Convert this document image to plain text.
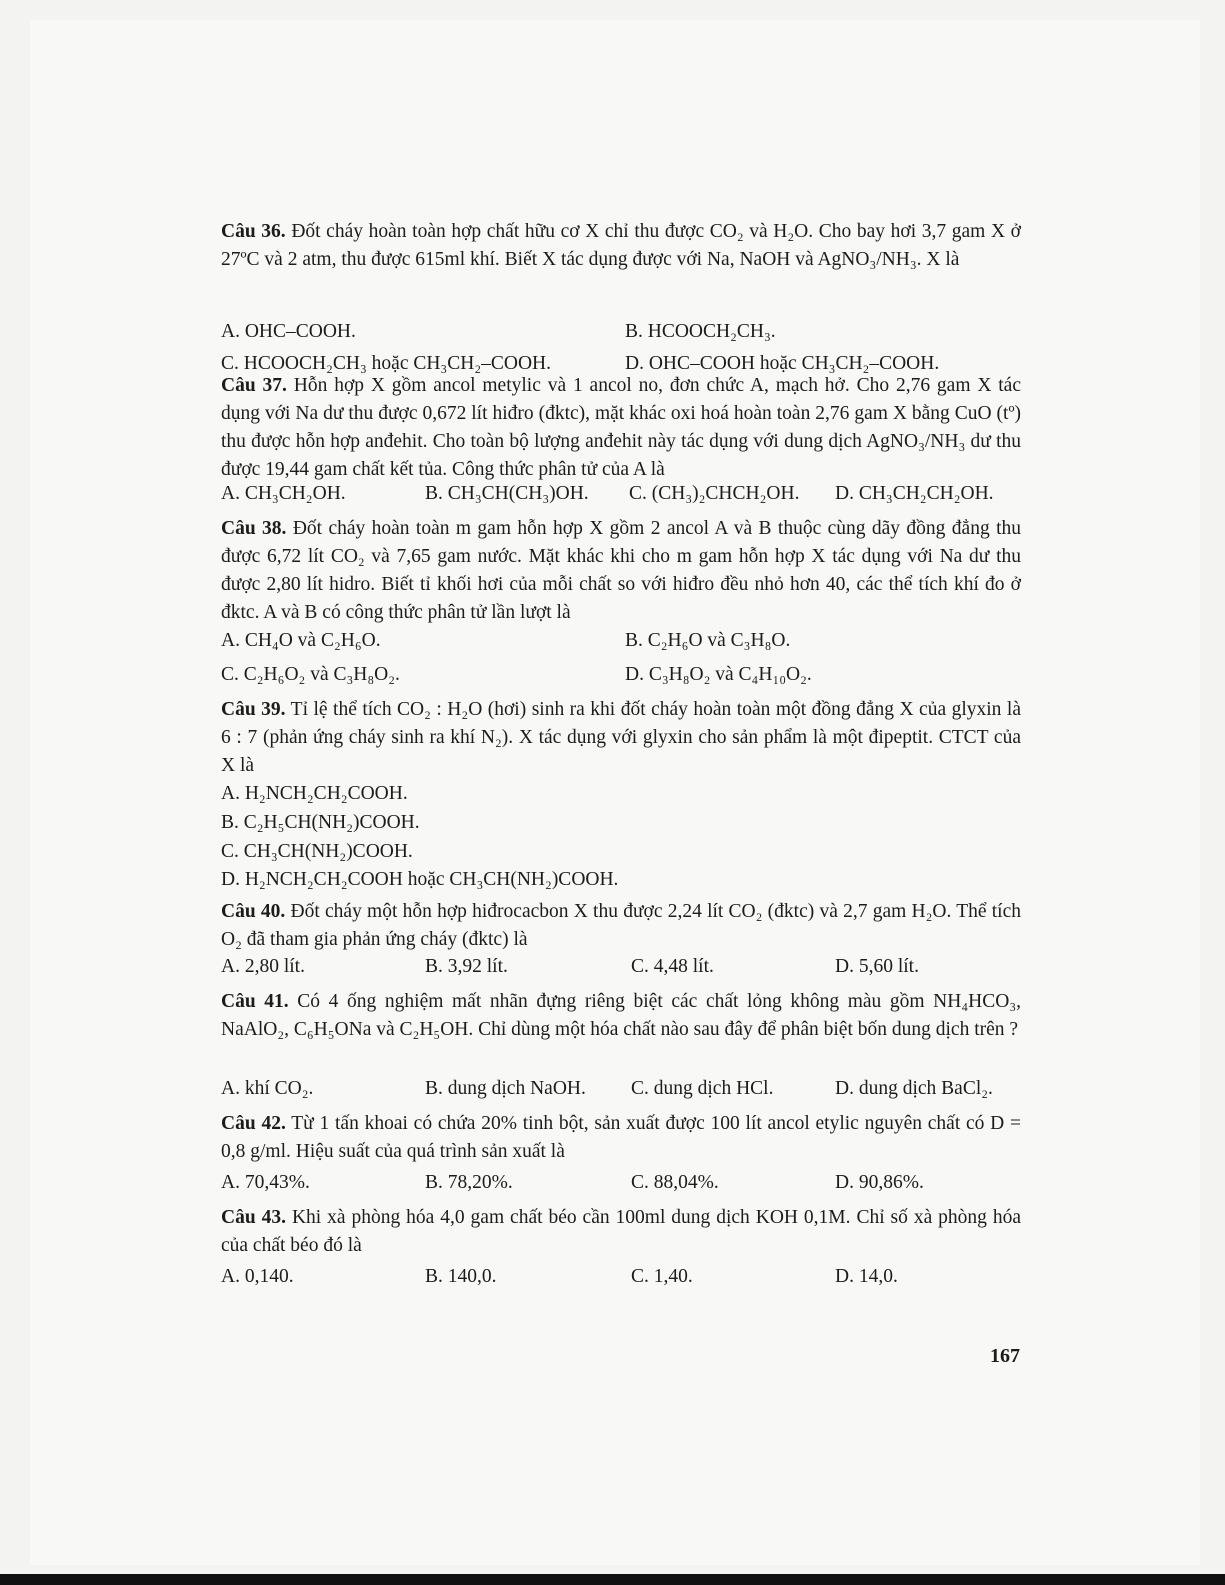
Câu 36. Đốt cháy hoàn toàn hợp chất hữu cơ X chỉ thu được CO₂ và H₂O. Cho bay hơi 3,7 gam X ở 27ºC và 2 atm, thu được 615ml khí. Biết X tác dụng được với Na, NaOH và AgNO₃/NH₃. X là
A. OHC–COOH.	B. HCOOCH₂CH₃.
C. HCOOCH₂CH₃ hoặc CH₃CH₂–COOH.	D. OHC–COOH hoặc CH₃CH₂–COOH.
Câu 37. Hỗn hợp X gồm ancol metylic và 1 ancol no, đơn chức A, mạch hở. Cho 2,76 gam X tác dụng với Na dư thu được 0,672 lít hiđro (đktc), mặt khác oxi hoá hoàn toàn 2,76 gam X bằng CuO (tº) thu được hỗn hợp anđehit. Cho toàn bộ lượng anđehit này tác dụng với dung dịch AgNO₃/NH₃ dư thu được 19,44 gam chất kết tủa. Công thức phân tử của A là
A. CH₃CH₂OH.	B. CH₃CH(CH₃)OH. C. (CH₃)₂CHCH₂OH. D. CH₃CH₂CH₂OH.
Câu 38. Đốt cháy hoàn toàn m gam hỗn hợp X gồm 2 ancol A và B thuộc cùng dãy đồng đẳng thu được 6,72 lít CO₂ và 7,65 gam nước. Mặt khác khi cho m gam hỗn hợp X tác dụng với Na dư thu được 2,80 lít hidro. Biết tỉ khối hơi của mỗi chất so với hiđro đều nhỏ hơn 40, các thể tích khí đo ở đktc. A và B có công thức phân tử lần lượt là
A. CH₄O và C₂H₆O.	B. C₂H₆O và C₃H₈O.
C. C₂H₆O₂ và C₃H₈O₂.	D. C₃H₈O₂ và C₄H₁₀O₂.
Câu 39. Tỉ lệ thể tích CO₂ : H₂O (hơi) sinh ra khi đốt cháy hoàn toàn một đồng đẳng X của glyxin là 6 : 7 (phản ứng cháy sinh ra khí N₂). X tác dụng với glyxin cho sản phẩm là một đipeptit. CTCT của X là
A. H₂NCH₂CH₂COOH.
B. C₂H₅CH(NH₂)COOH.
C. CH₃CH(NH₂)COOH.
D. H₂NCH₂CH₂COOH hoặc CH₃CH(NH₂)COOH.
Câu 40. Đốt cháy một hỗn hợp hiđrocacbon X thu được 2,24 lít CO₂ (đktc) và 2,7 gam H₂O. Thể tích O₂ đã tham gia phản ứng cháy (đktc) là
A. 2,80 lít.	B. 3,92 lít.	C. 4,48 lít.	D. 5,60 lít.
Câu 41. Có 4 ống nghiệm mất nhãn đựng riêng biệt các chất lỏng không màu gồm NH₄HCO₃, NaAlO₂, C₆H₅ONa và C₂H₅OH. Chỉ dùng một hóa chất nào sau đây để phân biệt bốn dung dịch trên ?
A. khí CO₂.	B. dung dịch NaOH. C. dung dịch HCl.	D. dung dịch BaCl₂.
Câu 42. Từ 1 tấn khoai có chứa 20% tinh bột, sản xuất được 100 lít ancol etylic nguyên chất có D = 0,8 g/ml. Hiệu suất của quá trình sản xuất là
A. 70,43%.	B. 78,20%.	C. 88,04%.	D. 90,86%.
Câu 43. Khi xà phòng hóa 4,0 gam chất béo cần 100ml dung dịch KOH 0,1M. Chỉ số xà phòng hóa của chất béo đó là
A. 0,140.	B. 140,0.	C. 1,40.	D. 14,0.
167
